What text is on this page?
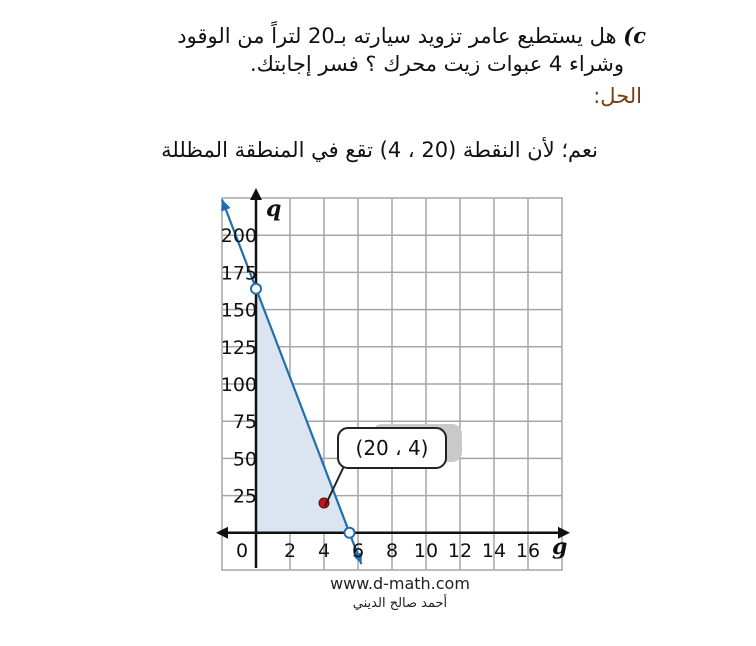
c) هل يستطيع عامر تزويد سيارته بـ20 لتراً من الوقود
وشراء 4 عبوات زيت محرك ؟ فسر إجابتك.
الحل:
نعم؛ لأن النقطة (20 ، 4) تقع في المنطقة المظللة
(20 ، 4)
0 2 4 6 8 10 12 14 16
25
50
75
100
125
150
175
200
g
q
www.d-math.com
أحمد صالح الديني
